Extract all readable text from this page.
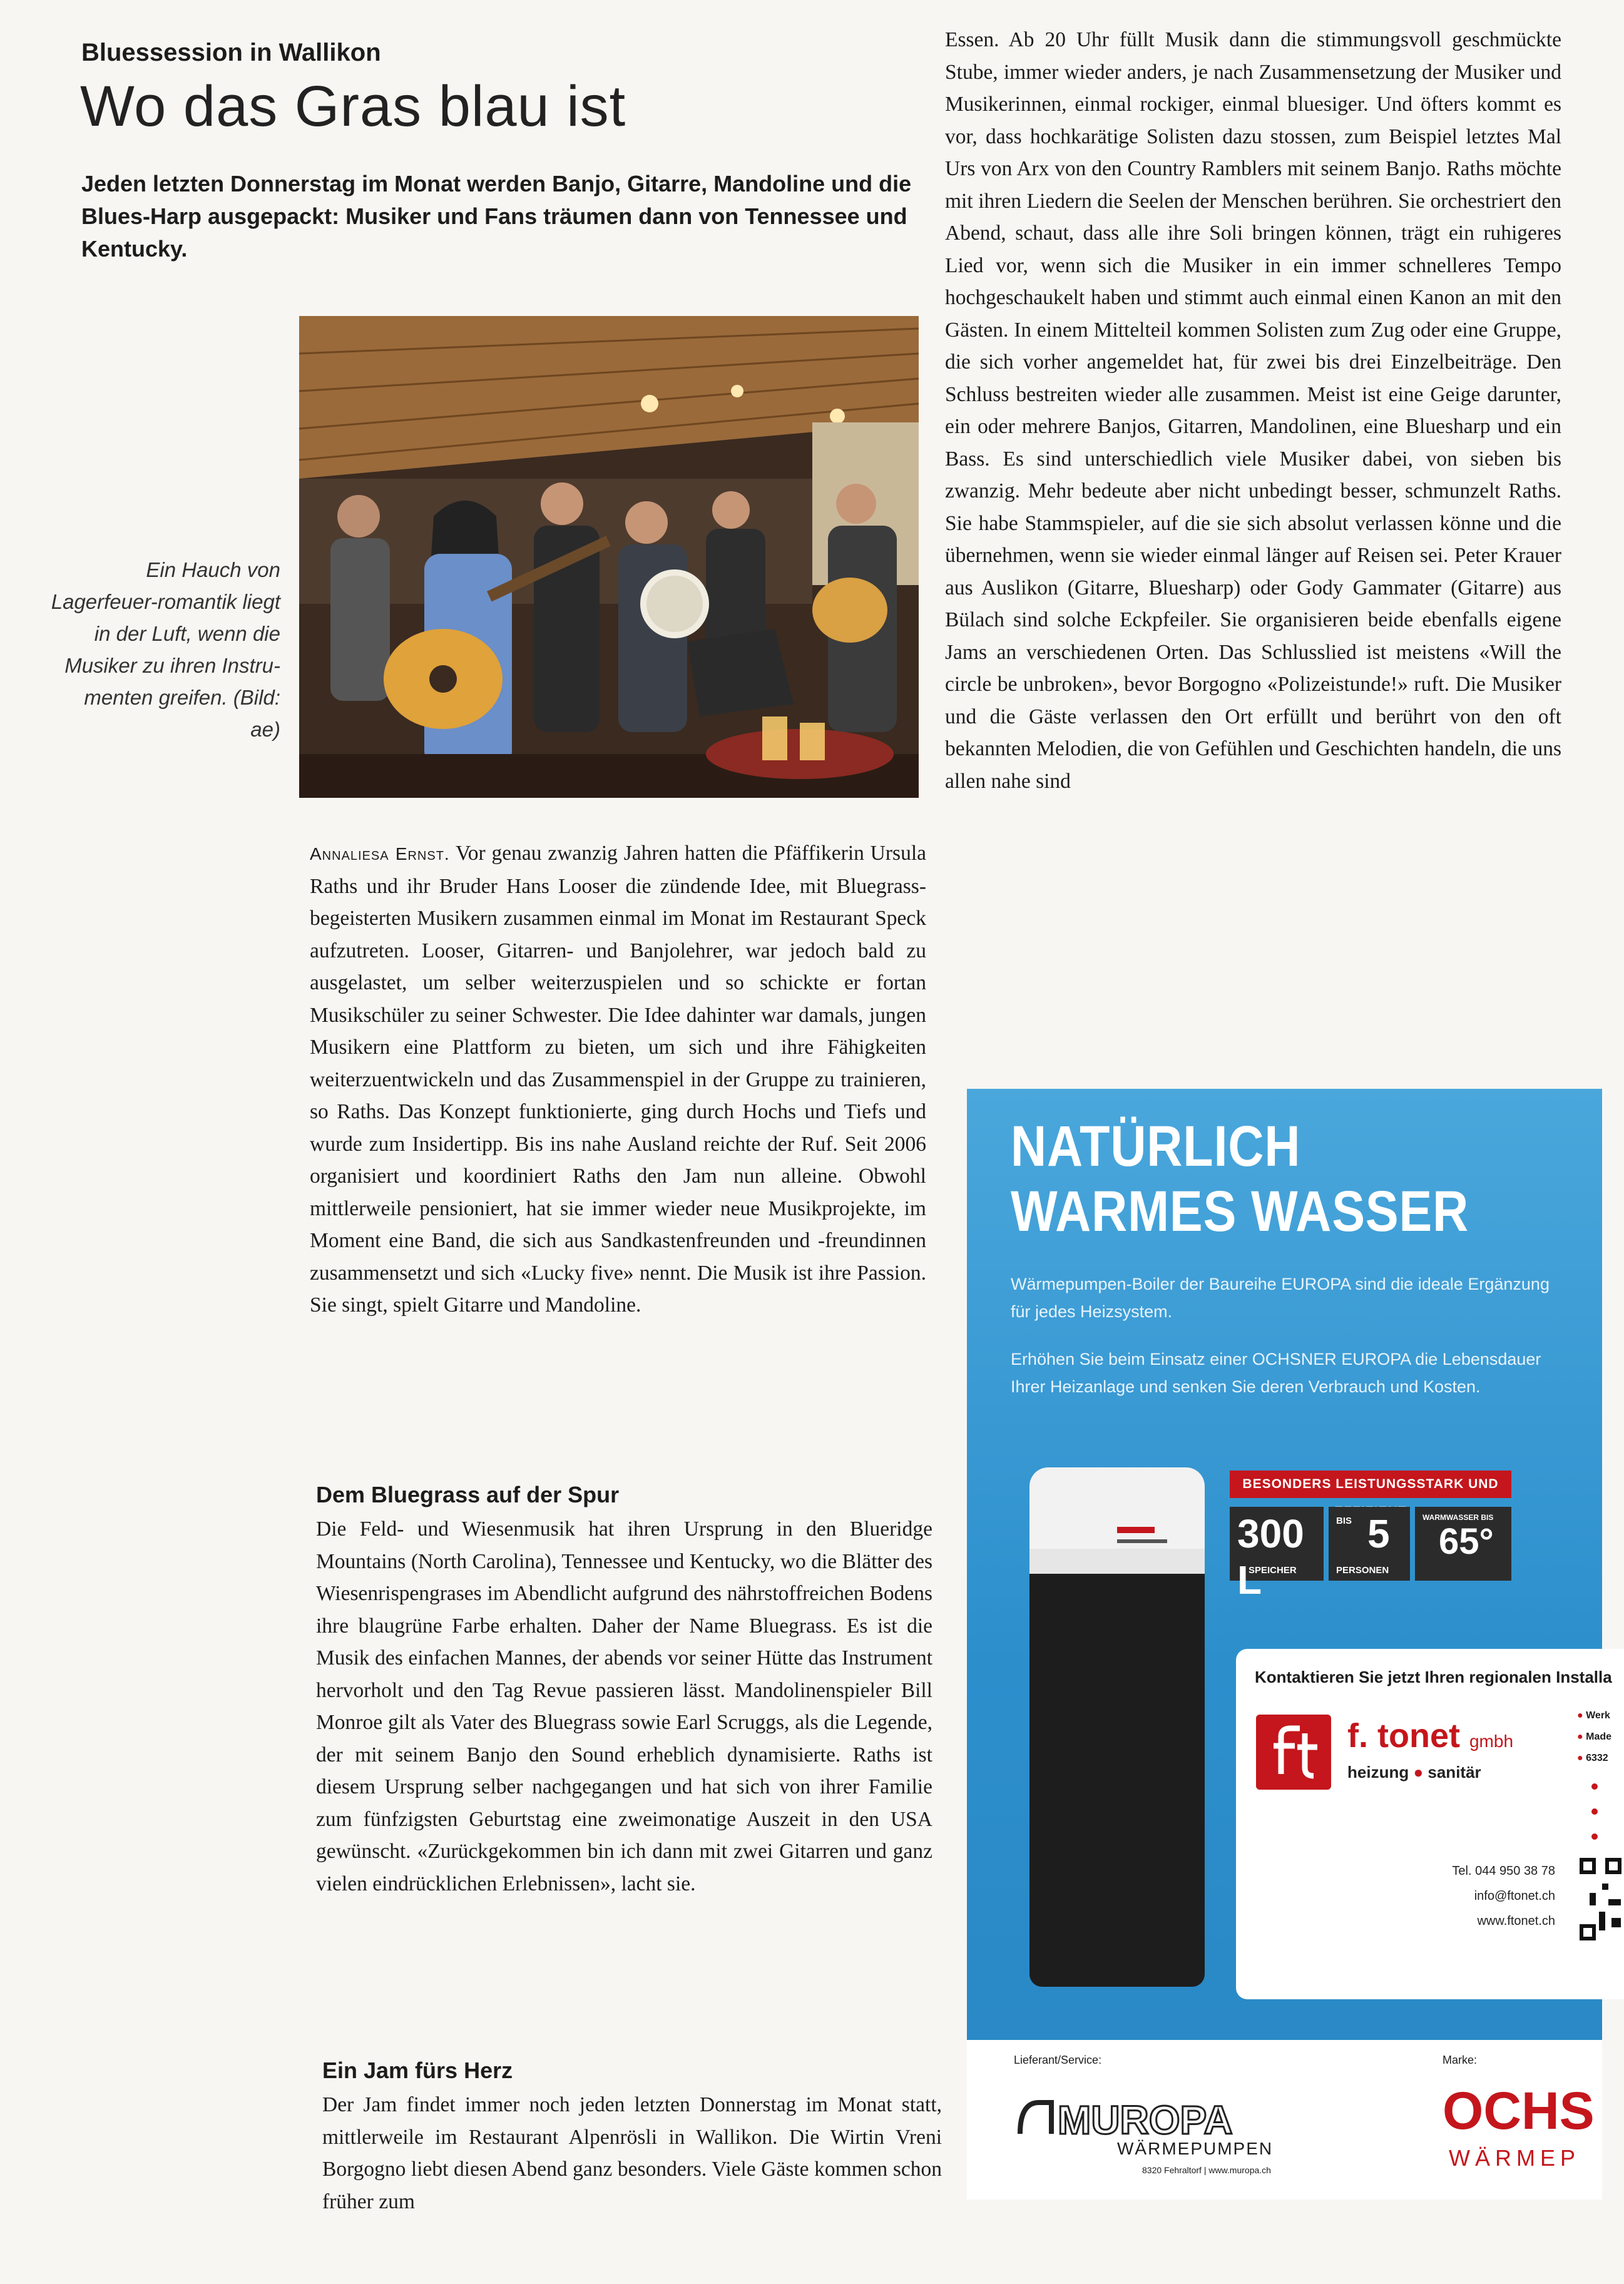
Bluessession in Wallikon
Wo das Gras blau ist
Jeden letzten Donnerstag im Monat werden Banjo, Gitarre, Mandoline und die Blues-Harp ausgepackt: Musiker und Fans träumen dann von Tennessee und Kentucky.
Ein Hauch von Lagerfeuer-romantik liegt in der Luft, wenn die Musiker zu ihren Instru-menten greifen. (Bild: ae)
Annaliesa Ernst. Vor genau zwanzig Jahren hatten die Pfäffikerin Ursula Raths und ihr Bruder Hans Looser die zündende Idee, mit Bluegrass-begeisterten Musikern zusammen einmal im Monat im Restaurant Speck aufzutreten. Looser, Gitarren- und Banjolehrer, war jedoch bald zu ausgelastet, um selber weiterzuspielen und so schickte er fortan Musikschüler zu seiner Schwester. Die Idee dahinter war damals, jungen Musikern eine Plattform zu bieten, um sich und ihre Fähigkeiten weiterzuentwickeln und das Zusammenspiel in der Gruppe zu trainieren, so Raths. Das Konzept funktionierte, ging durch Hochs und Tiefs und wurde zum Insidertipp. Bis ins nahe Ausland reichte der Ruf. Seit 2006 organisiert und koordiniert Raths den Jam nun alleine. Obwohl mittlerweile pensioniert, hat sie immer wieder neue Musikprojekte, im Moment eine Band, die sich aus Sandkastenfreunden und -freundinnen zusammensetzt und sich «Lucky five» nennt. Die Musik ist ihre Passion. Sie singt, spielt Gitarre und Mandoline.
Dem Bluegrass auf der Spur
Die Feld- und Wiesenmusik hat ihren Ursprung in den Blueridge Mountains (North Carolina), Tennessee und Kentucky, wo die Blätter des Wiesenrispengrases im Abendlicht aufgrund des nährstoffreichen Bodens ihre blaugrüne Farbe erhalten. Daher der Name Bluegrass. Es ist die Musik des einfachen Mannes, der abends vor seiner Hütte das Instrument hervorholt und den Tag Revue passieren lässt. Mandolinenspieler Bill Monroe gilt als Vater des Bluegrass sowie Earl Scruggs, als die Legende, der mit seinem Banjo den Sound erheblich dynamisierte. Raths ist diesem Ursprung selber nachgegangen und hat sich von ihrer Familie zum fünfzigsten Geburtstag eine zweimonatige Auszeit in den USA gewünscht. «Zurückgekommen bin ich dann mit zwei Gitarren und ganz vielen eindrücklichen Erlebnissen», lacht sie.
Ein Jam fürs Herz
Der Jam findet immer noch jeden letzten Donnerstag im Monat statt, mittlerweile im Restaurant Alpenrösli in Wallikon. Die Wirtin Vreni Borgogno liebt diesen Abend ganz besonders. Viele Gäste kommen schon früher zum
Essen. Ab 20 Uhr füllt Musik dann die stimmungsvoll geschmückte Stube, immer wieder anders, je nach Zusammensetzung der Musiker und Musikerinnen, einmal rockiger, einmal bluesiger. Und öfters kommt es vor, dass hochkarätige Solisten dazu stossen, zum Beispiel letztes Mal Urs von Arx von den Country Ramblers mit seinem Banjo. Raths möchte mit ihren Liedern die Seelen der Menschen berühren. Sie orchestriert den Abend, schaut, dass alle ihre Soli bringen können, trägt ein ruhigeres Lied vor, wenn sich die Musiker in ein immer schnelleres Tempo hochgeschaukelt haben und stimmt auch einmal einen Kanon an mit den Gästen. In einem Mittelteil kommen Solisten zum Zug oder eine Gruppe, die sich vorher angemeldet hat, für zwei bis drei Einzelbeiträge. Den Schluss bestreiten wieder alle zusammen. Meist ist eine Geige darunter, ein oder mehrere Banjos, Gitarren, Mandolinen, eine Bluesharp und ein Bass. Es sind unterschiedlich viele Musiker dabei, von sieben bis zwanzig. Mehr bedeute aber nicht unbedingt besser, schmunzelt Raths. Sie habe Stammspieler, auf die sie sich absolut verlassen könne und die übernehmen, wenn sie wieder einmal länger auf Reisen sei. Peter Krauer aus Auslikon (Gitarre, Bluesharp) oder Gody Gammater (Gitarre) aus Bülach sind solche Eckpfeiler. Sie organisieren beide ebenfalls eigene Jams an verschiedenen Orten. Das Schlusslied ist meistens «Will the circle be unbroken», bevor Borgogno «Polizeistunde!» ruft. Die Musiker und die Gäste verlassen den Ort erfüllt und berührt von den oft bekannten Melodien, die von Gefühlen und Geschichten handeln, die uns allen nahe sind
NATÜRLICH
WARMES WASSER
Wärmepumpen-Boiler der Baureihe EUROPA sind die ideale Ergänzung für jedes Heizsystem.
Erhöhen Sie beim Einsatz einer OCHSNER EUROPA die Lebensdauer Ihrer Heizanlage und senken Sie deren Verbrauch und Kosten.
BESONDERS LEISTUNGSSTARK UND
300 L
SPEICHER
BIS 5
PERSONEN
WARMWASSER BIS
65°
Kontaktieren Sie jetzt Ihren regionalen Installa
f. tonet gmbh
heizung ● sanitär
● Werk
● Made
● 6332
Tel. 044 950 38 78
info@ftonet.ch
www.ftonet.ch
Lieferant/Service:	Marke:
MUROPA
WÄRMEPUMPEN
8320 Fehraltorf | www.muropa.ch
OCHS
WÄRMEP
